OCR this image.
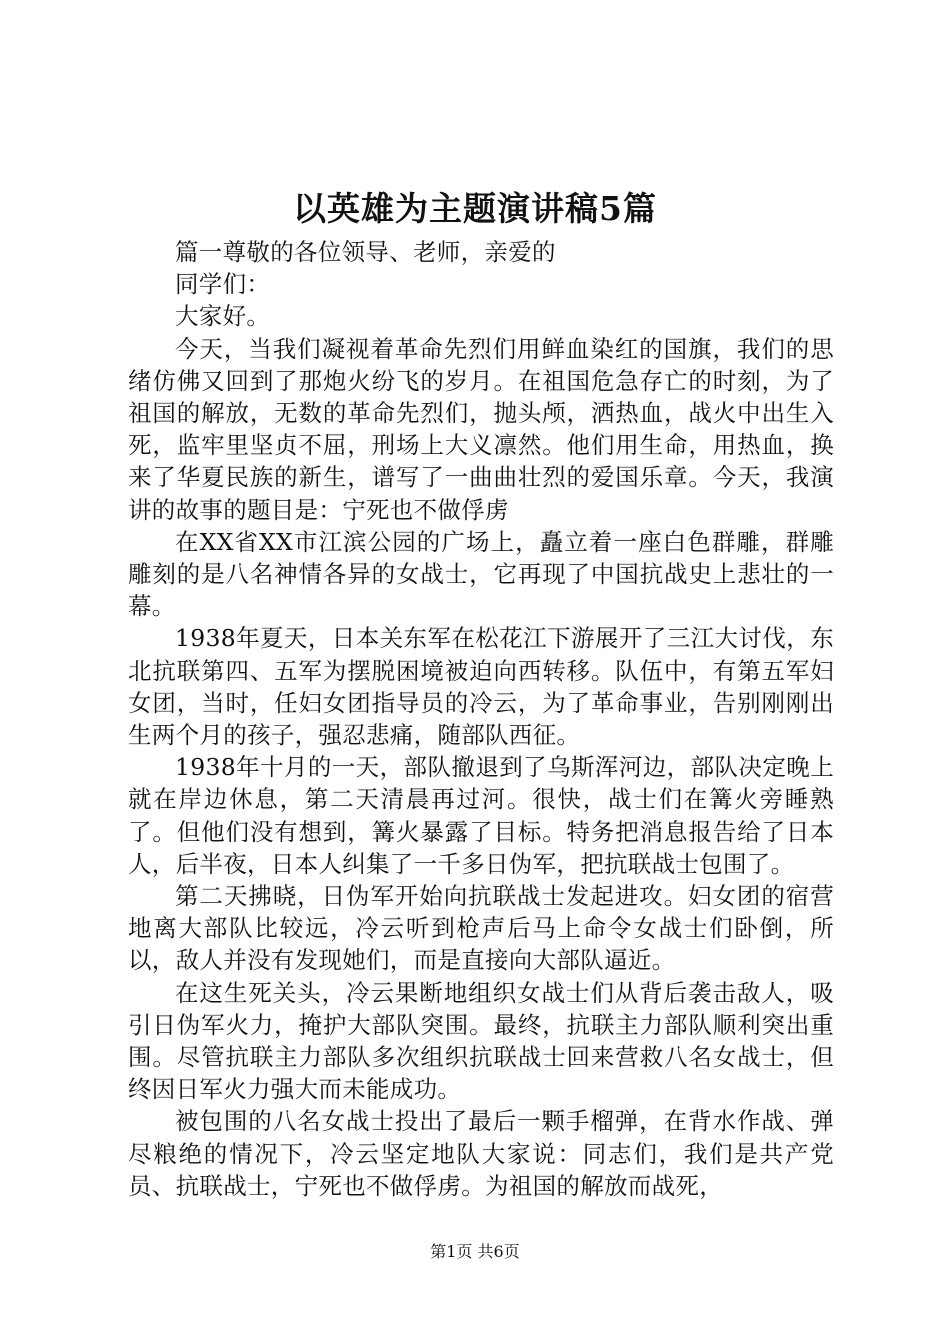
以英雄为主题演讲稿5篇

篇一尊敬的各位领导、老师，亲爱的

同学们：

大家好。

今天，当我们凝视着革命先烈们用鲜血染红的国旗，我们的思绪仿佛又回到了那炮火纷飞的岁月。在祖国危急存亡的时刻，为了祖国的解放，无数的革命先烈们，抛头颅，洒热血，战火中出生入死，监牢里坚贞不屈，刑场上大义凛然。他们用生命，用热血，换来了华夏民族的新生，谱写了一曲曲壮烈的爱国乐章。今天，我演讲的故事的题目是：宁死也不做俘虏

在XX省XX市江滨公园的广场上，矗立着一座白色群雕，群雕雕刻的是八名神情各异的女战士，它再现了中国抗战史上悲壮的一幕。

1938年夏天，日本关东军在松花江下游展开了三江大讨伐，东北抗联第四、五军为摆脱困境被迫向西转移。队伍中，有第五军妇女团，当时，任妇女团指导员的冷云，为了革命事业，告别刚刚出生两个月的孩子，强忍悲痛，随部队西征。

1938年十月的一天，部队撤退到了乌斯浑河边，部队决定晚上就在岸边休息，第二天清晨再过河。很快，战士们在篝火旁睡熟了。但他们没有想到，篝火暴露了目标。特务把消息报告给了日本人，后半夜，日本人纠集了一千多日伪军，把抗联战士包围了。

第二天拂晓，日伪军开始向抗联战士发起进攻。妇女团的宿营地离大部队比较远，冷云听到枪声后马上命令女战士们卧倒，所以，敌人并没有发现她们，而是直接向大部队逼近。

在这生死关头，冷云果断地组织女战士们从背后袭击敌人，吸引日伪军火力，掩护大部队突围。最终，抗联主力部队顺利突出重围。尽管抗联主力部队多次组织抗联战士回来营救八名女战士，但终因日军火力强大而未能成功。

被包围的八名女战士投出了最后一颗手榴弹，在背水作战、弹尽粮绝的情况下，冷云坚定地队大家说：同志们，我们是共产党员、抗联战士，宁死也不做俘虏。为祖国的解放而战死，

第1页 共6页
